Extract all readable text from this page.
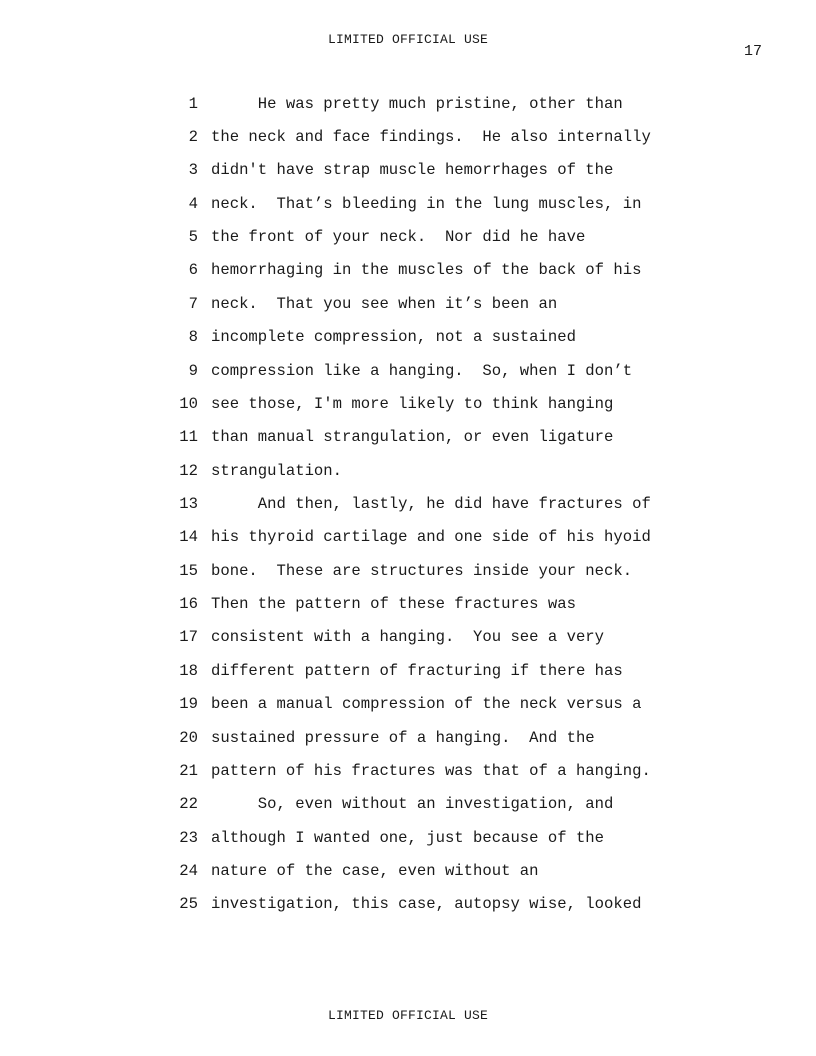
LIMITED OFFICIAL USE
17
1 He was pretty much pristine, other than
2 the neck and face findings.  He also internally
3 didn't have strap muscle hemorrhages of the
4 neck.  That’s bleeding in the lung muscles, in
5 the front of your neck.  Nor did he have
6 hemorrhaging in the muscles of the back of his
7 neck.  That you see when it’s been an
8 incomplete compression, not a sustained
9 compression like a hanging.  So, when I don’t
10 see those, I'm more likely to think hanging
11 than manual strangulation, or even ligature
12 strangulation.
13 And then, lastly, he did have fractures of
14 his thyroid cartilage and one side of his hyoid
15 bone.  These are structures inside your neck.
16 Then the pattern of these fractures was
17 consistent with a hanging.  You see a very
18 different pattern of fracturing if there has
19 been a manual compression of the neck versus a
20 sustained pressure of a hanging.  And the
21 pattern of his fractures was that of a hanging.
22 So, even without an investigation, and
23 although I wanted one, just because of the
24 nature of the case, even without an
25 investigation, this case, autopsy wise, looked
LIMITED OFFICIAL USE
